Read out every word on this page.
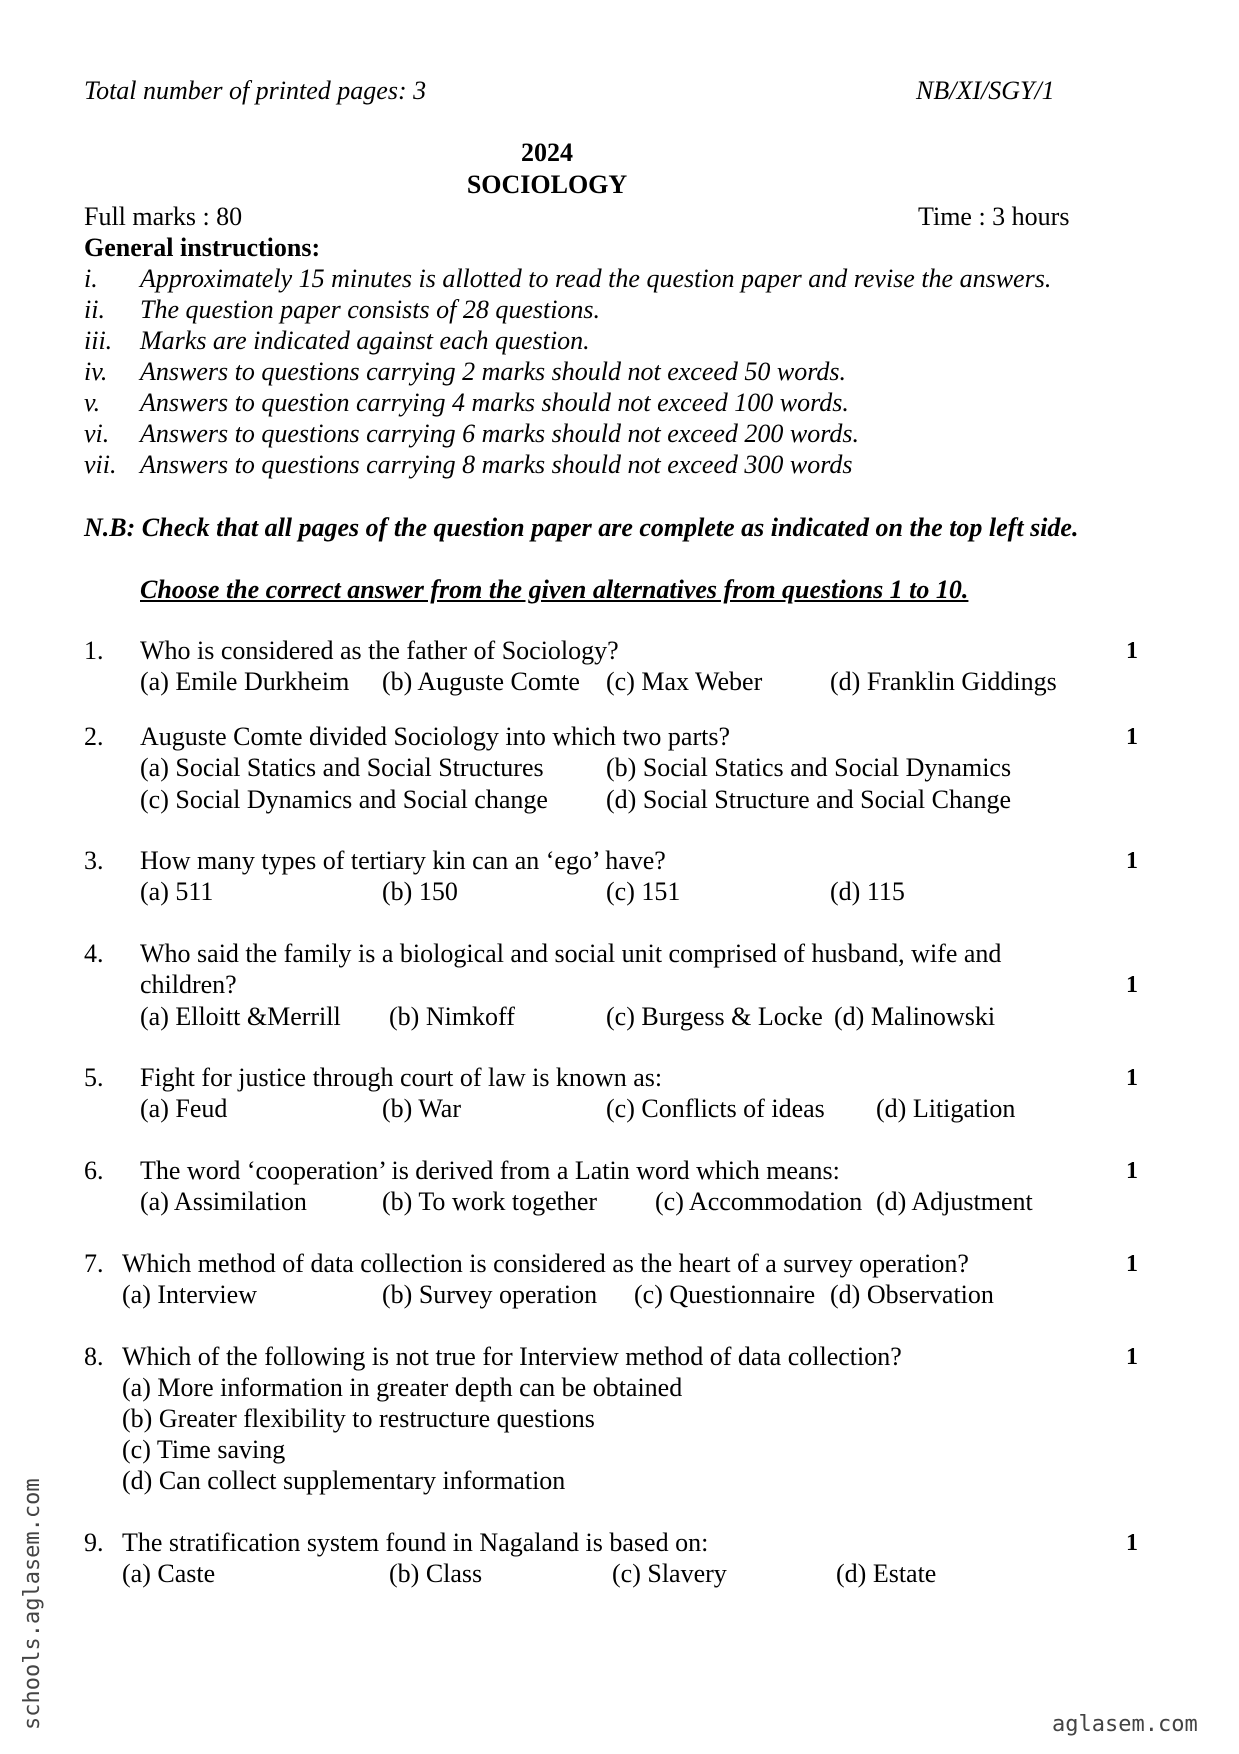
Total number of printed pages: 3	NB/XI/SGY/1
2024
SOCIOLOGY
Full marks : 80	Time : 3 hours
General instructions:
i. Approximately 15 minutes is allotted to read the question paper and revise the answers.
ii. The question paper consists of 28 questions.
iii. Marks are indicated against each question.
iv. Answers to questions carrying 2 marks should not exceed 50 words.
v. Answers to question carrying 4 marks should not exceed 100 words.
vi. Answers to questions carrying 6 marks should not exceed 200 words.
vii. Answers to questions carrying 8 marks should not exceed 300 words
N.B: Check that all pages of the question paper are complete as indicated on the top left side.
Choose the correct answer from the given alternatives from questions 1 to 10.
1. Who is considered as the father of Sociology?	1
(a) Emile Durkheim (b) Auguste Comte (c) Max Weber	(d) Franklin Giddings
2. Auguste Comte divided Sociology into which two parts?	1
(a) Social Statics and Social Structures (b) Social Statics and Social Dynamics
(c) Social Dynamics and Social change (d) Social Structure and Social Change
3. How many types of tertiary kin can an ‘ego’ have?	1
(a) 511	(b) 150	(c) 151	(d) 115
4. Who said the family is a biological and social unit comprised of husband, wife and
children?	1
(a) Elloitt &Merrill (b) Nimkoff	(c) Burgess & Locke (d) Malinowski
5. Fight for justice through court of law is known as:	1
(a) Feud	(b) War	(c) Conflicts of ideas (d) Litigation
6. The word ‘cooperation’ is derived from a Latin word which means:	1
(a) Assimilation	(b) To work together (c) Accommodation (d) Adjustment
7. Which method of data collection is considered as the heart of a survey operation?	1
(a) Interview	(b) Survey operation (c) Questionnaire (d) Observation
8. Which of the following is not true for Interview method of data collection?	1
(a) More information in greater depth can be obtained
(b) Greater flexibility to restructure questions
(c) Time saving
(d) Can collect supplementary information
9. The stratification system found in Nagaland is based on:	1
(a) Caste	(b) Class	(c) Slavery	(d) Estate
schools.aglasem.com	aglasem.com
